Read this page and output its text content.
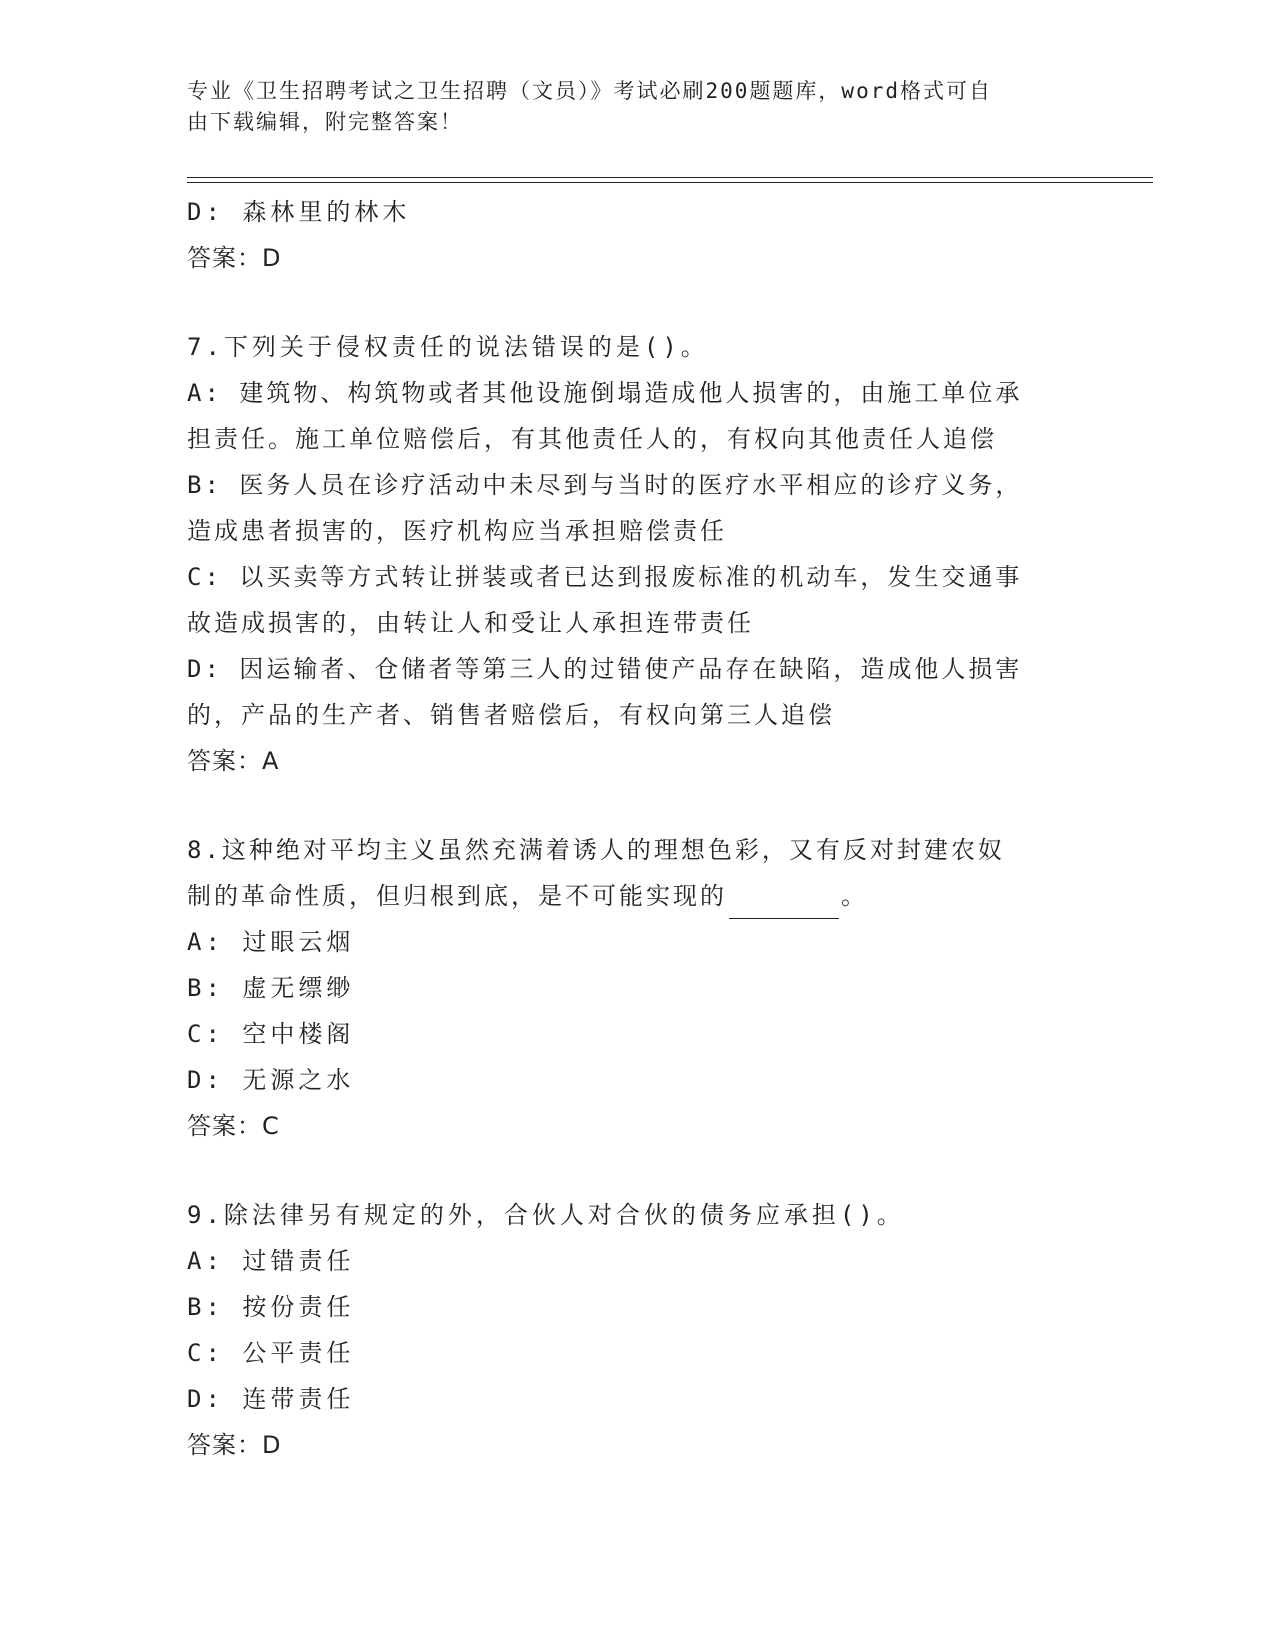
专业《卫生招聘考试之卫生招聘（文员）》考试必刷200题题库，word格式可自
由下载编辑，附完整答案！
D: 森林里的林木
答案：D
7.下列关于侵权责任的说法错误的是()。
A: 建筑物、构筑物或者其他设施倒塌造成他人损害的，由施工单位承
担责任。施工单位赔偿后，有其他责任人的，有权向其他责任人追偿
B: 医务人员在诊疗活动中未尽到与当时的医疗水平相应的诊疗义务，
造成患者损害的，医疗机构应当承担赔偿责任
C: 以买卖等方式转让拼装或者已达到报废标准的机动车，发生交通事
故造成损害的，由转让人和受让人承担连带责任
D: 因运输者、仓储者等第三人的过错使产品存在缺陷，造成他人损害
的，产品的生产者、销售者赔偿后，有权向第三人追偿
答案：A
8.这种绝对平均主义虽然充满着诱人的理想色彩，又有反对封建农奴
制的革命性质，但归根到底，是不可能实现的	。
A: 过眼云烟
B: 虚无缥缈
C: 空中楼阁
D: 无源之水
答案：C
9.除法律另有规定的外，合伙人对合伙的债务应承担()。
A: 过错责任
B: 按份责任
C: 公平责任
D: 连带责任
答案：D
